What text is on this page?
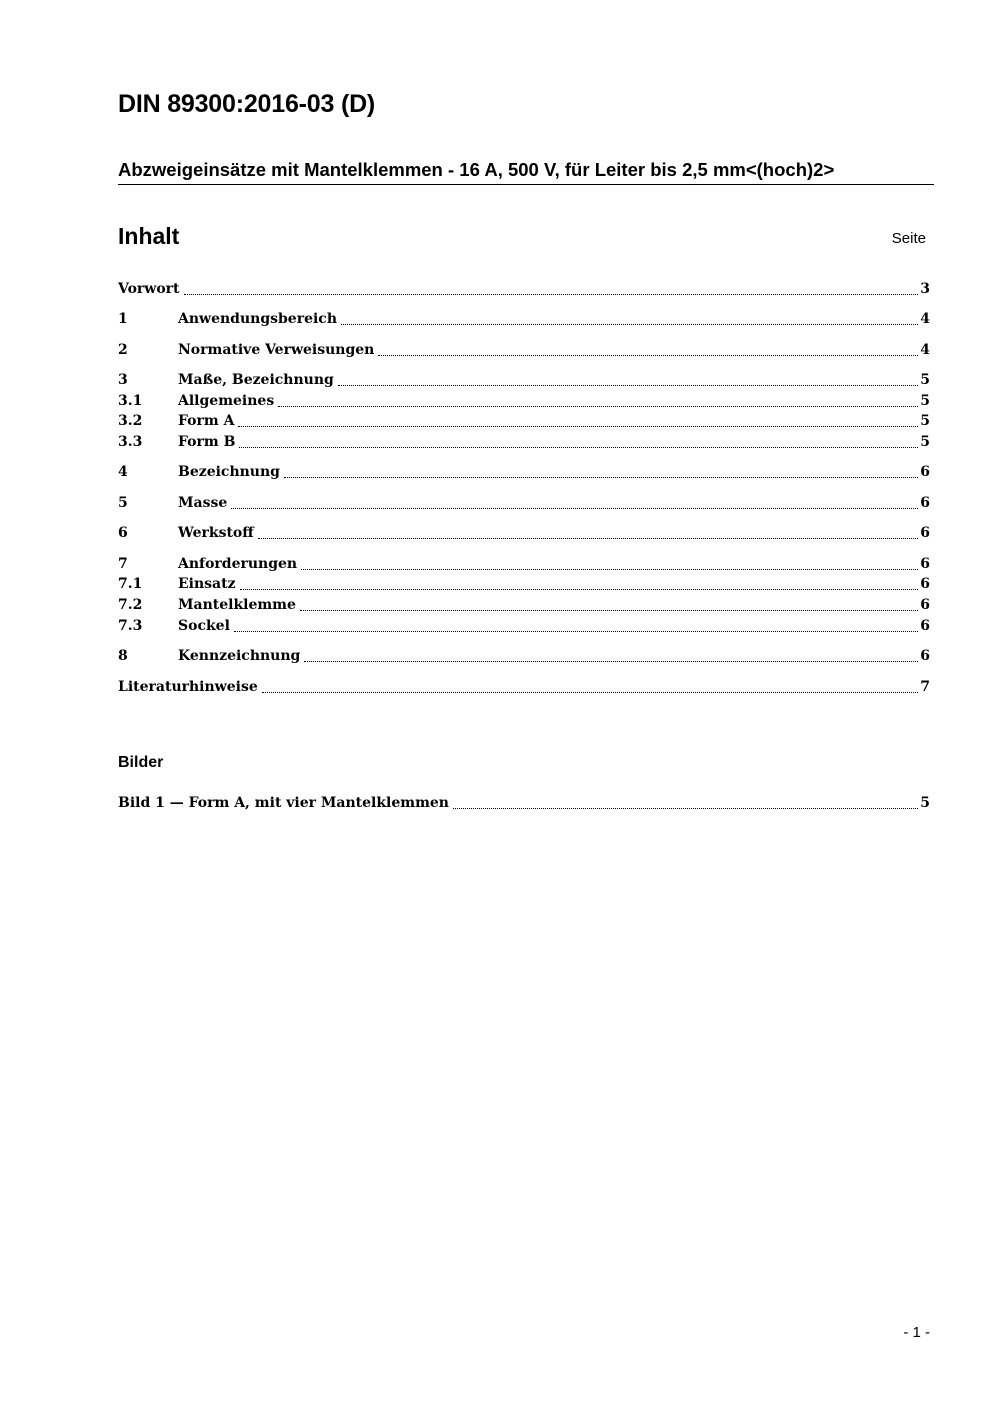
DIN 89300:2016-03 (D)
Abzweigeinsätze mit Mantelklemmen - 16 A, 500 V, für Leiter bis 2,5 mm<(hoch)2>
Inhalt	Seite
Vorwort	3
1	Anwendungsbereich	4
2	Normative Verweisungen	4
3	Maße, Bezeichnung	5
3.1	Allgemeines	5
3.2	Form A	5
3.3	Form B	5
4	Bezeichnung	6
5	Masse	6
6	Werkstoff	6
7	Anforderungen	6
7.1	Einsatz	6
7.2	Mantelklemme	6
7.3	Sockel	6
8	Kennzeichnung	6
Literaturhinweise	7
Bilder
Bild 1 — Form A, mit vier Mantelklemmen	5
- 1 -
